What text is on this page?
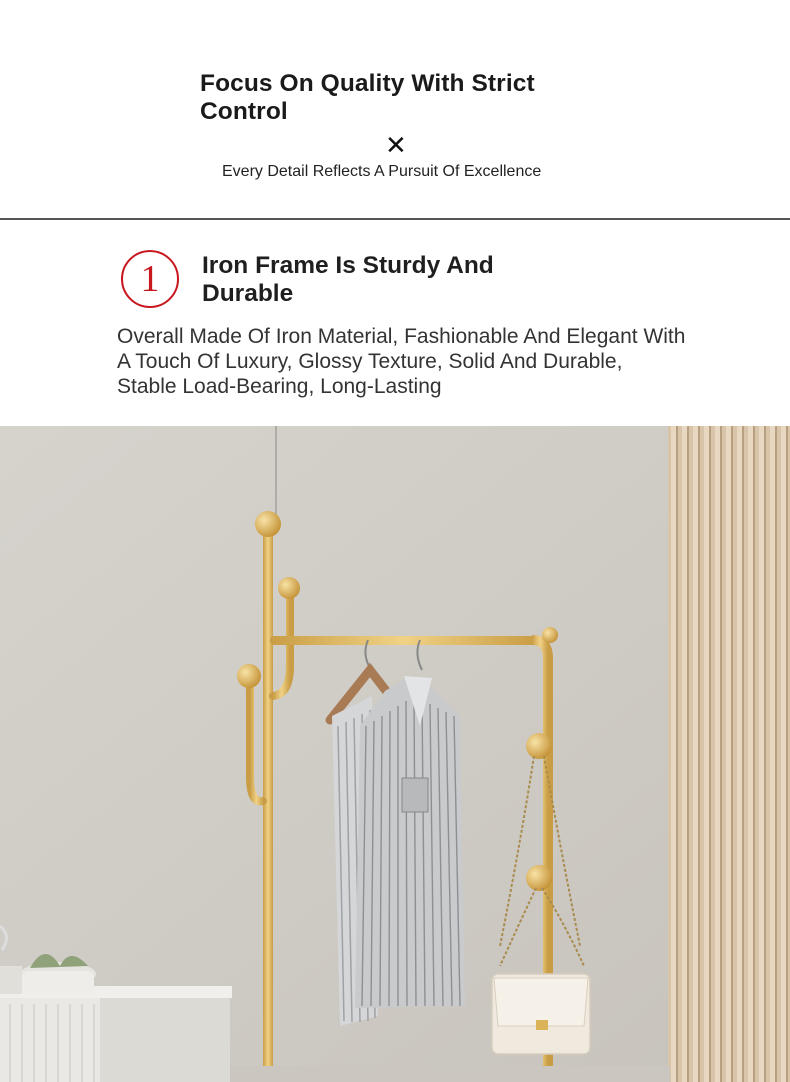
Focus On Quality With Strict Control
✕
Every Detail Reflects A Pursuit Of Excellence
1	Iron Frame Is Sturdy And Durable
Overall Made Of Iron Material, Fashionable And Elegant With A Touch Of Luxury, Glossy Texture, Solid And Durable, Stable Load-Bearing, Long-Lasting
